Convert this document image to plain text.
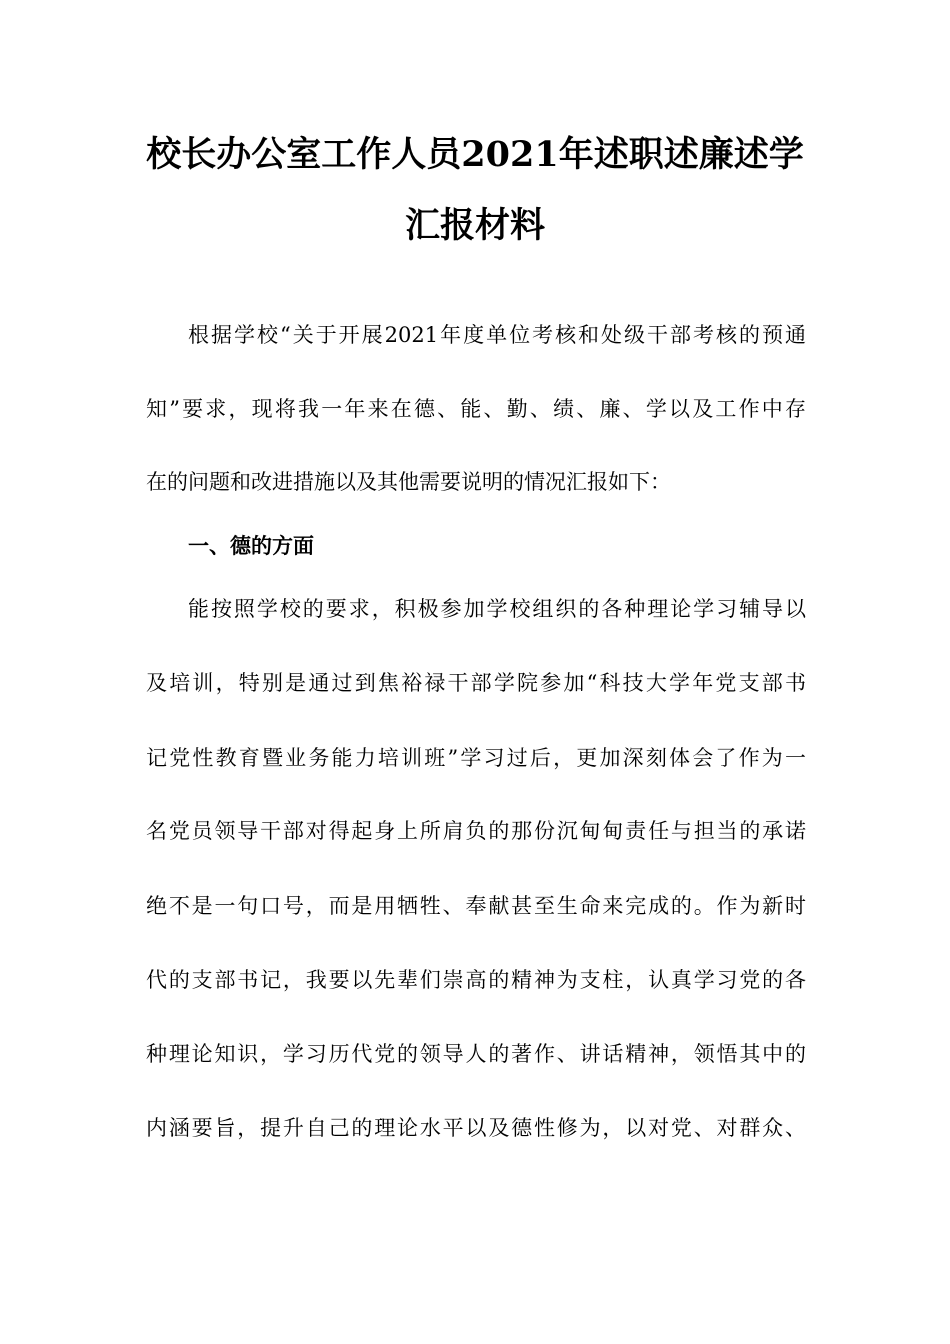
校长办公室工作人员2021年述职述廉述学
汇报材料
根据学校“关于开展2021年度单位考核和处级干部考核的预通
知”要求，现将我一年来在德、能、勤、绩、廉、学以及工作中存
在的问题和改进措施以及其他需要说明的情况汇报如下：
一、德的方面
能按照学校的要求，积极参加学校组织的各种理论学习辅导以
及培训，特别是通过到焦裕禄干部学院参加“科技大学年党支部书
记党性教育暨业务能力培训班”学习过后，更加深刻体会了作为一
名党员领导干部对得起身上所肩负的那份沉甸甸责任与担当的承诺
绝不是一句口号，而是用牺牲、奉献甚至生命来完成的。作为新时
代的支部书记，我要以先辈们崇高的精神为支柱，认真学习党的各
种理论知识，学习历代党的领导人的著作、讲话精神，领悟其中的
内涵要旨，提升自己的理论水平以及德性修为，以对党、对群众、
